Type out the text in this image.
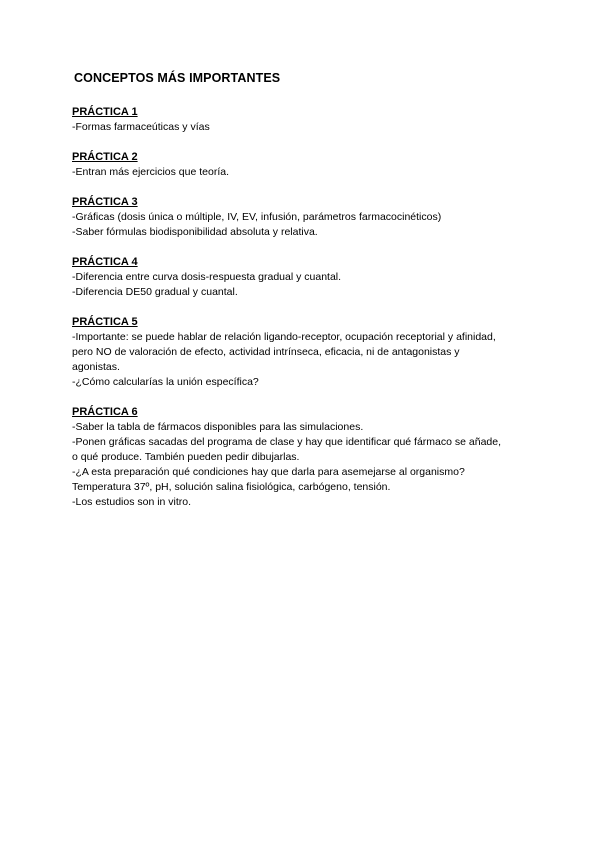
CONCEPTOS MÁS IMPORTANTES
PRÁCTICA 1
-Formas farmaceúticas y vías
PRÁCTICA 2
-Entran más ejercicios que teoría.
PRÁCTICA 3
-Gráficas (dosis única o múltiple, IV, EV, infusión, parámetros farmacocinéticos)
-Saber fórmulas biodisponibilidad absoluta y relativa.
PRÁCTICA 4
-Diferencia entre curva dosis-respuesta gradual y cuantal.
-Diferencia DE50 gradual y cuantal.
PRÁCTICA 5
-Importante: se puede hablar de relación ligando-receptor, ocupación receptorial y afinidad,
pero NO de valoración de efecto, actividad intrínseca, eficacia, ni de antagonistas y
agonistas.
-¿Cómo calcularías la unión específica?
PRÁCTICA 6
-Saber la tabla de fármacos disponibles para las simulaciones.
-Ponen gráficas sacadas del programa de clase y hay que identificar qué fármaco se añade,
o qué produce. También pueden pedir dibujarlas.
-¿A esta preparación qué condiciones hay que darla para asemejarse al organismo?
Temperatura 37º, pH, solución salina fisiológica, carbógeno, tensión.
-Los estudios son in vitro.
